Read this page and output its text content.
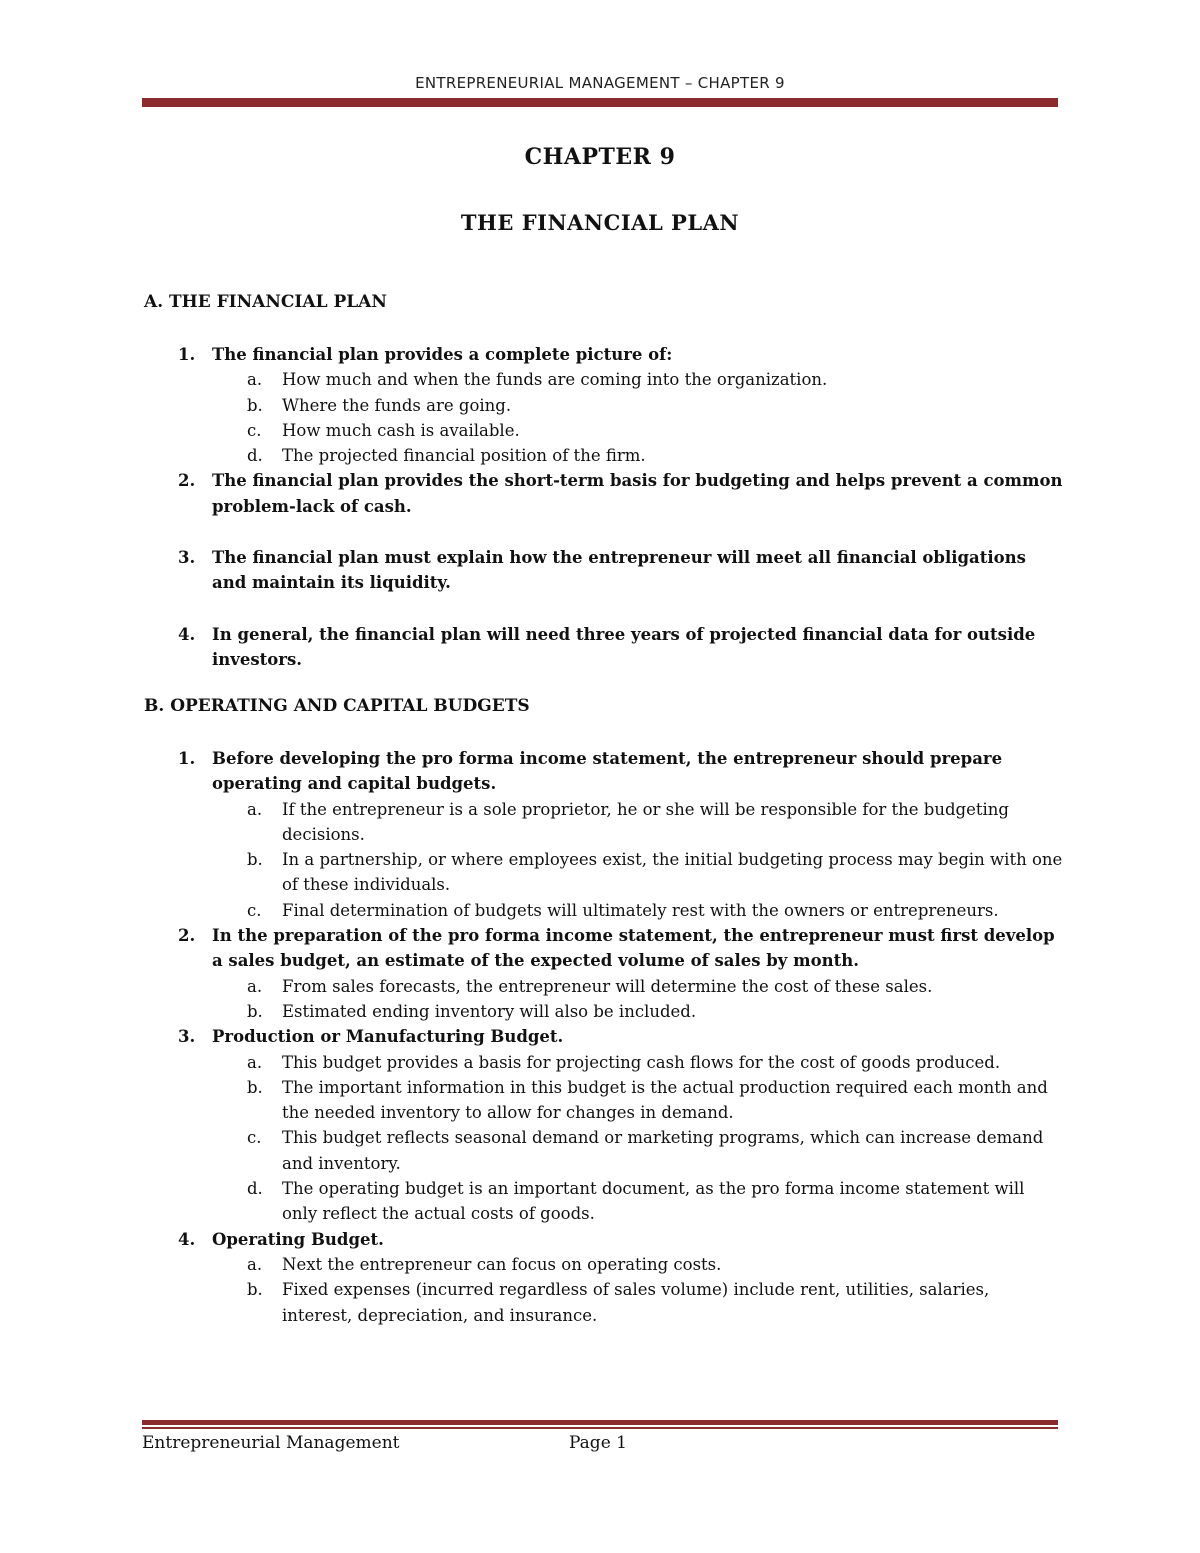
ENTREPRENEURIAL MANAGEMENT – CHAPTER 9
CHAPTER 9
THE FINANCIAL PLAN
A. THE FINANCIAL PLAN
1. The financial plan provides a complete picture of:
a. How much and when the funds are coming into the organization.
b. Where the funds are going.
c. How much cash is available.
d. The projected financial position of the firm.
2. The financial plan provides the short-term basis for budgeting and helps prevent a common problem-lack of cash.
3. The financial plan must explain how the entrepreneur will meet all financial obligations and maintain its liquidity.
4. In general, the financial plan will need three years of projected financial data for outside investors.
B. OPERATING AND CAPITAL BUDGETS
1. Before developing the pro forma income statement, the entrepreneur should prepare operating and capital budgets.
a. If the entrepreneur is a sole proprietor, he or she will be responsible for the budgeting decisions.
b. In a partnership, or where employees exist, the initial budgeting process may begin with one of these individuals.
c. Final determination of budgets will ultimately rest with the owners or entrepreneurs.
2. In the preparation of the pro forma income statement, the entrepreneur must first develop a sales budget, an estimate of the expected volume of sales by month.
a. From sales forecasts, the entrepreneur will determine the cost of these sales.
b. Estimated ending inventory will also be included.
3. Production or Manufacturing Budget.
a. This budget provides a basis for projecting cash flows for the cost of goods produced.
b. The important information in this budget is the actual production required each month and the needed inventory to allow for changes in demand.
c. This budget reflects seasonal demand or marketing programs, which can increase demand and inventory.
d. The operating budget is an important document, as the pro forma income statement will only reflect the actual costs of goods.
4. Operating Budget.
a. Next the entrepreneur can focus on operating costs.
b. Fixed expenses (incurred regardless of sales volume) include rent, utilities, salaries, interest, depreciation, and insurance.
Entrepreneurial Management	Page 1
